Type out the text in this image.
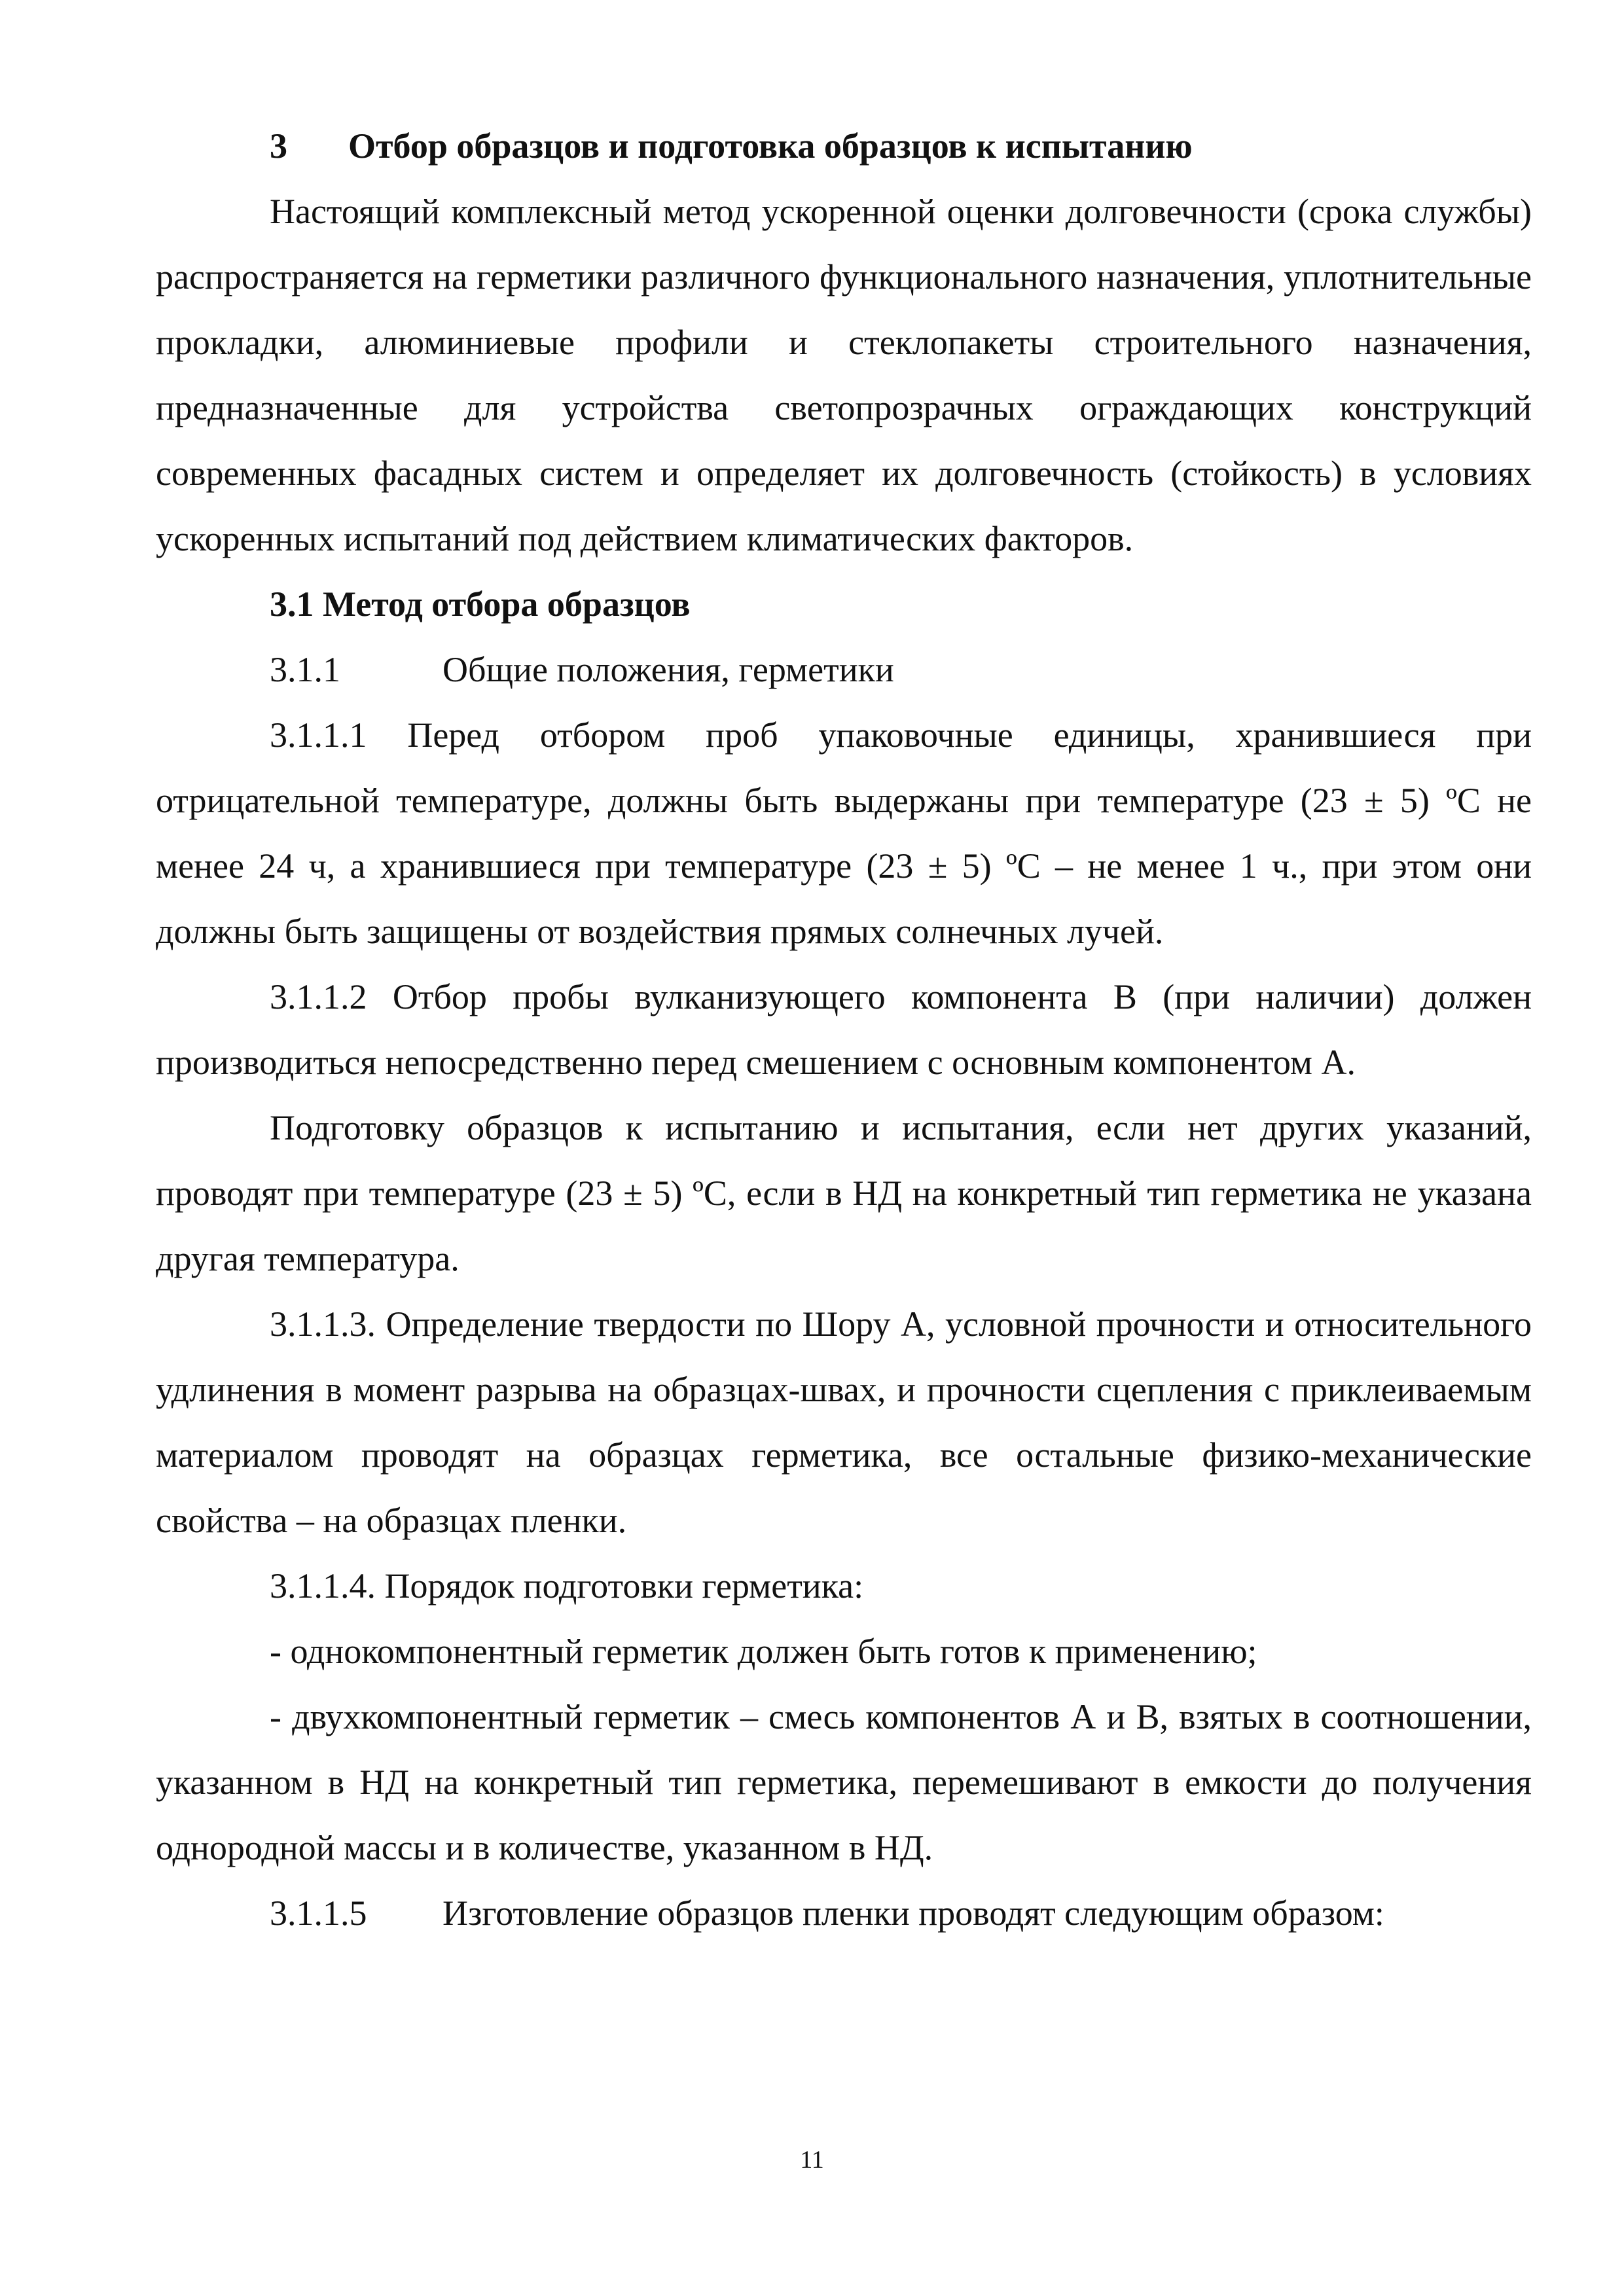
3 Отбор образцов и подготовка образцов к испытанию

Настоящий комплексный метод ускоренной оценки долговечности (срока службы) распространяется на герметики различного функционального назначения, уплотнительные прокладки, алюминиевые профили и стеклопакеты строительного назначения, предназначенные для устройства светопрозрачных ограждающих конструкций современных фасадных систем и определяет их долговечность (стойкость) в условиях ускоренных испытаний под действием климатических факторов.

3.1 Метод отбора образцов

3.1.1	Общие положения, герметики

3.1.1.1 Перед отбором проб упаковочные единицы, хранившиеся при отрицательной температуре, должны быть выдержаны при температуре (23 ± 5) ºС не менее 24 ч, а хранившиеся при температуре (23 ± 5) ºС – не менее 1 ч., при этом они должны быть защищены от воздействия прямых солнечных лучей.

3.1.1.2 Отбор пробы вулканизующего компонента В (при наличии) должен производиться непосредственно перед смешением с основным компонентом А.

Подготовку образцов к испытанию и испытания, если нет других указаний, проводят при температуре (23 ± 5) ºС, если в НД на конкретный тип герметика не указана другая температура.

3.1.1.3. Определение твердости по Шору А, условной прочности и относительного удлинения в момент разрыва на образцах-швах, и прочности сцепления с приклеиваемым материалом проводят на образцах герметика, все остальные физико-механические свойства – на образцах пленки.

3.1.1.4. Порядок подготовки герметика:

- однокомпонентный герметик должен быть готов к применению;

- двухкомпонентный герметик – смесь компонентов А и В, взятых в соотношении, указанном в НД на конкретный тип герметика, перемешивают в емкости до получения однородной массы и в количестве, указанном в НД.

3.1.1.5 Изготовление образцов пленки проводят следующим образом:

11
